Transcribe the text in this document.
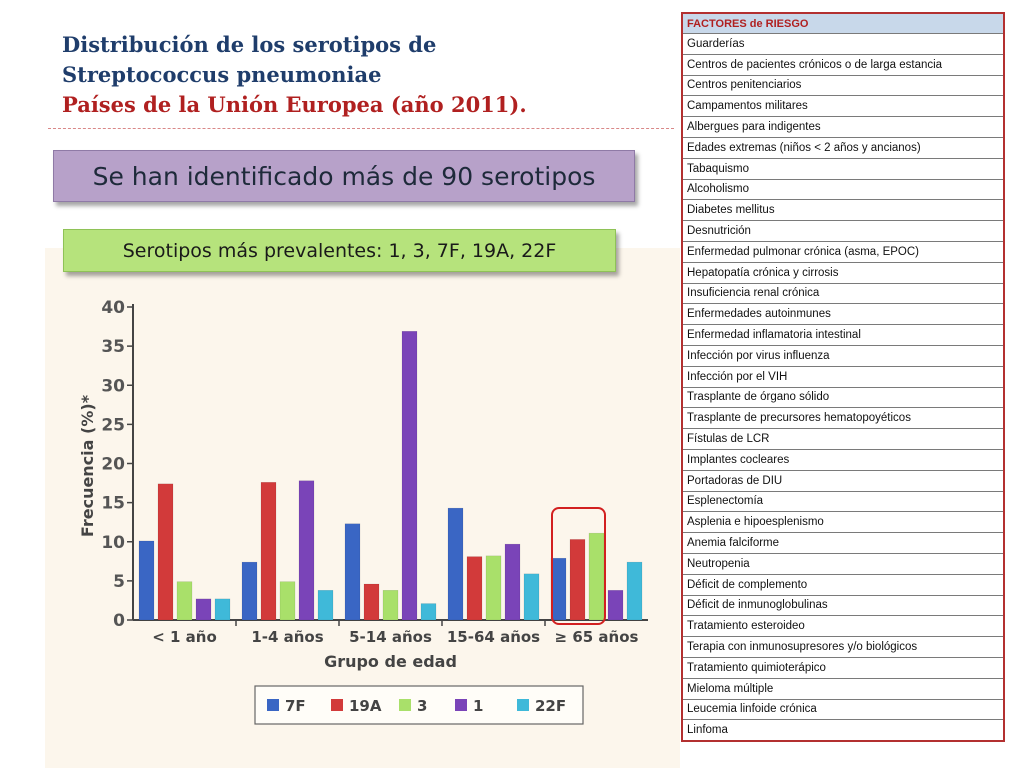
Distribución de los serotipos de
Streptococcus pneumoniae
Países de la Unión Europea (año 2011).
Se han identificado más de 90 serotipos
Serotipos más prevalentes: 1, 3, 7F, 19A, 22F
0
5
10
15
20
25
30
35
40
Frecuencia (%)*
< 1 año 1-4 años 5-14 años 15-64 años ≥ 65 años
Grupo de edad
7F	19A 3	1	22F
FACTORES de RIESGO
Guarderías
Centros de pacientes crónicos o de larga estancia
Centros penitenciarios
Campamentos militares
Albergues para indigentes
Edades extremas (niños < 2 años y ancianos)
Tabaquismo
Alcoholismo
Diabetes mellitus
Desnutrición
Enfermedad pulmonar crónica (asma, EPOC)
Hepatopatía crónica y cirrosis
Insuficiencia renal crónica
Enfermedades autoinmunes
Enfermedad inflamatoria intestinal
Infección por virus influenza
Infección por el VIH
Trasplante de órgano sólido
Trasplante de precursores hematopoyéticos
Fístulas de LCR
Implantes cocleares
Portadoras de DIU
Esplenectomía
Asplenia e hipoesplenismo
Anemia falciforme
Neutropenia
Déficit de complemento
Déficit de inmunoglobulinas
Tratamiento esteroideo
Terapia con inmunosupresores y/o biológicos
Tratamiento quimioterápico
Mieloma múltiple
Leucemia linfoide crónica
Linfoma
